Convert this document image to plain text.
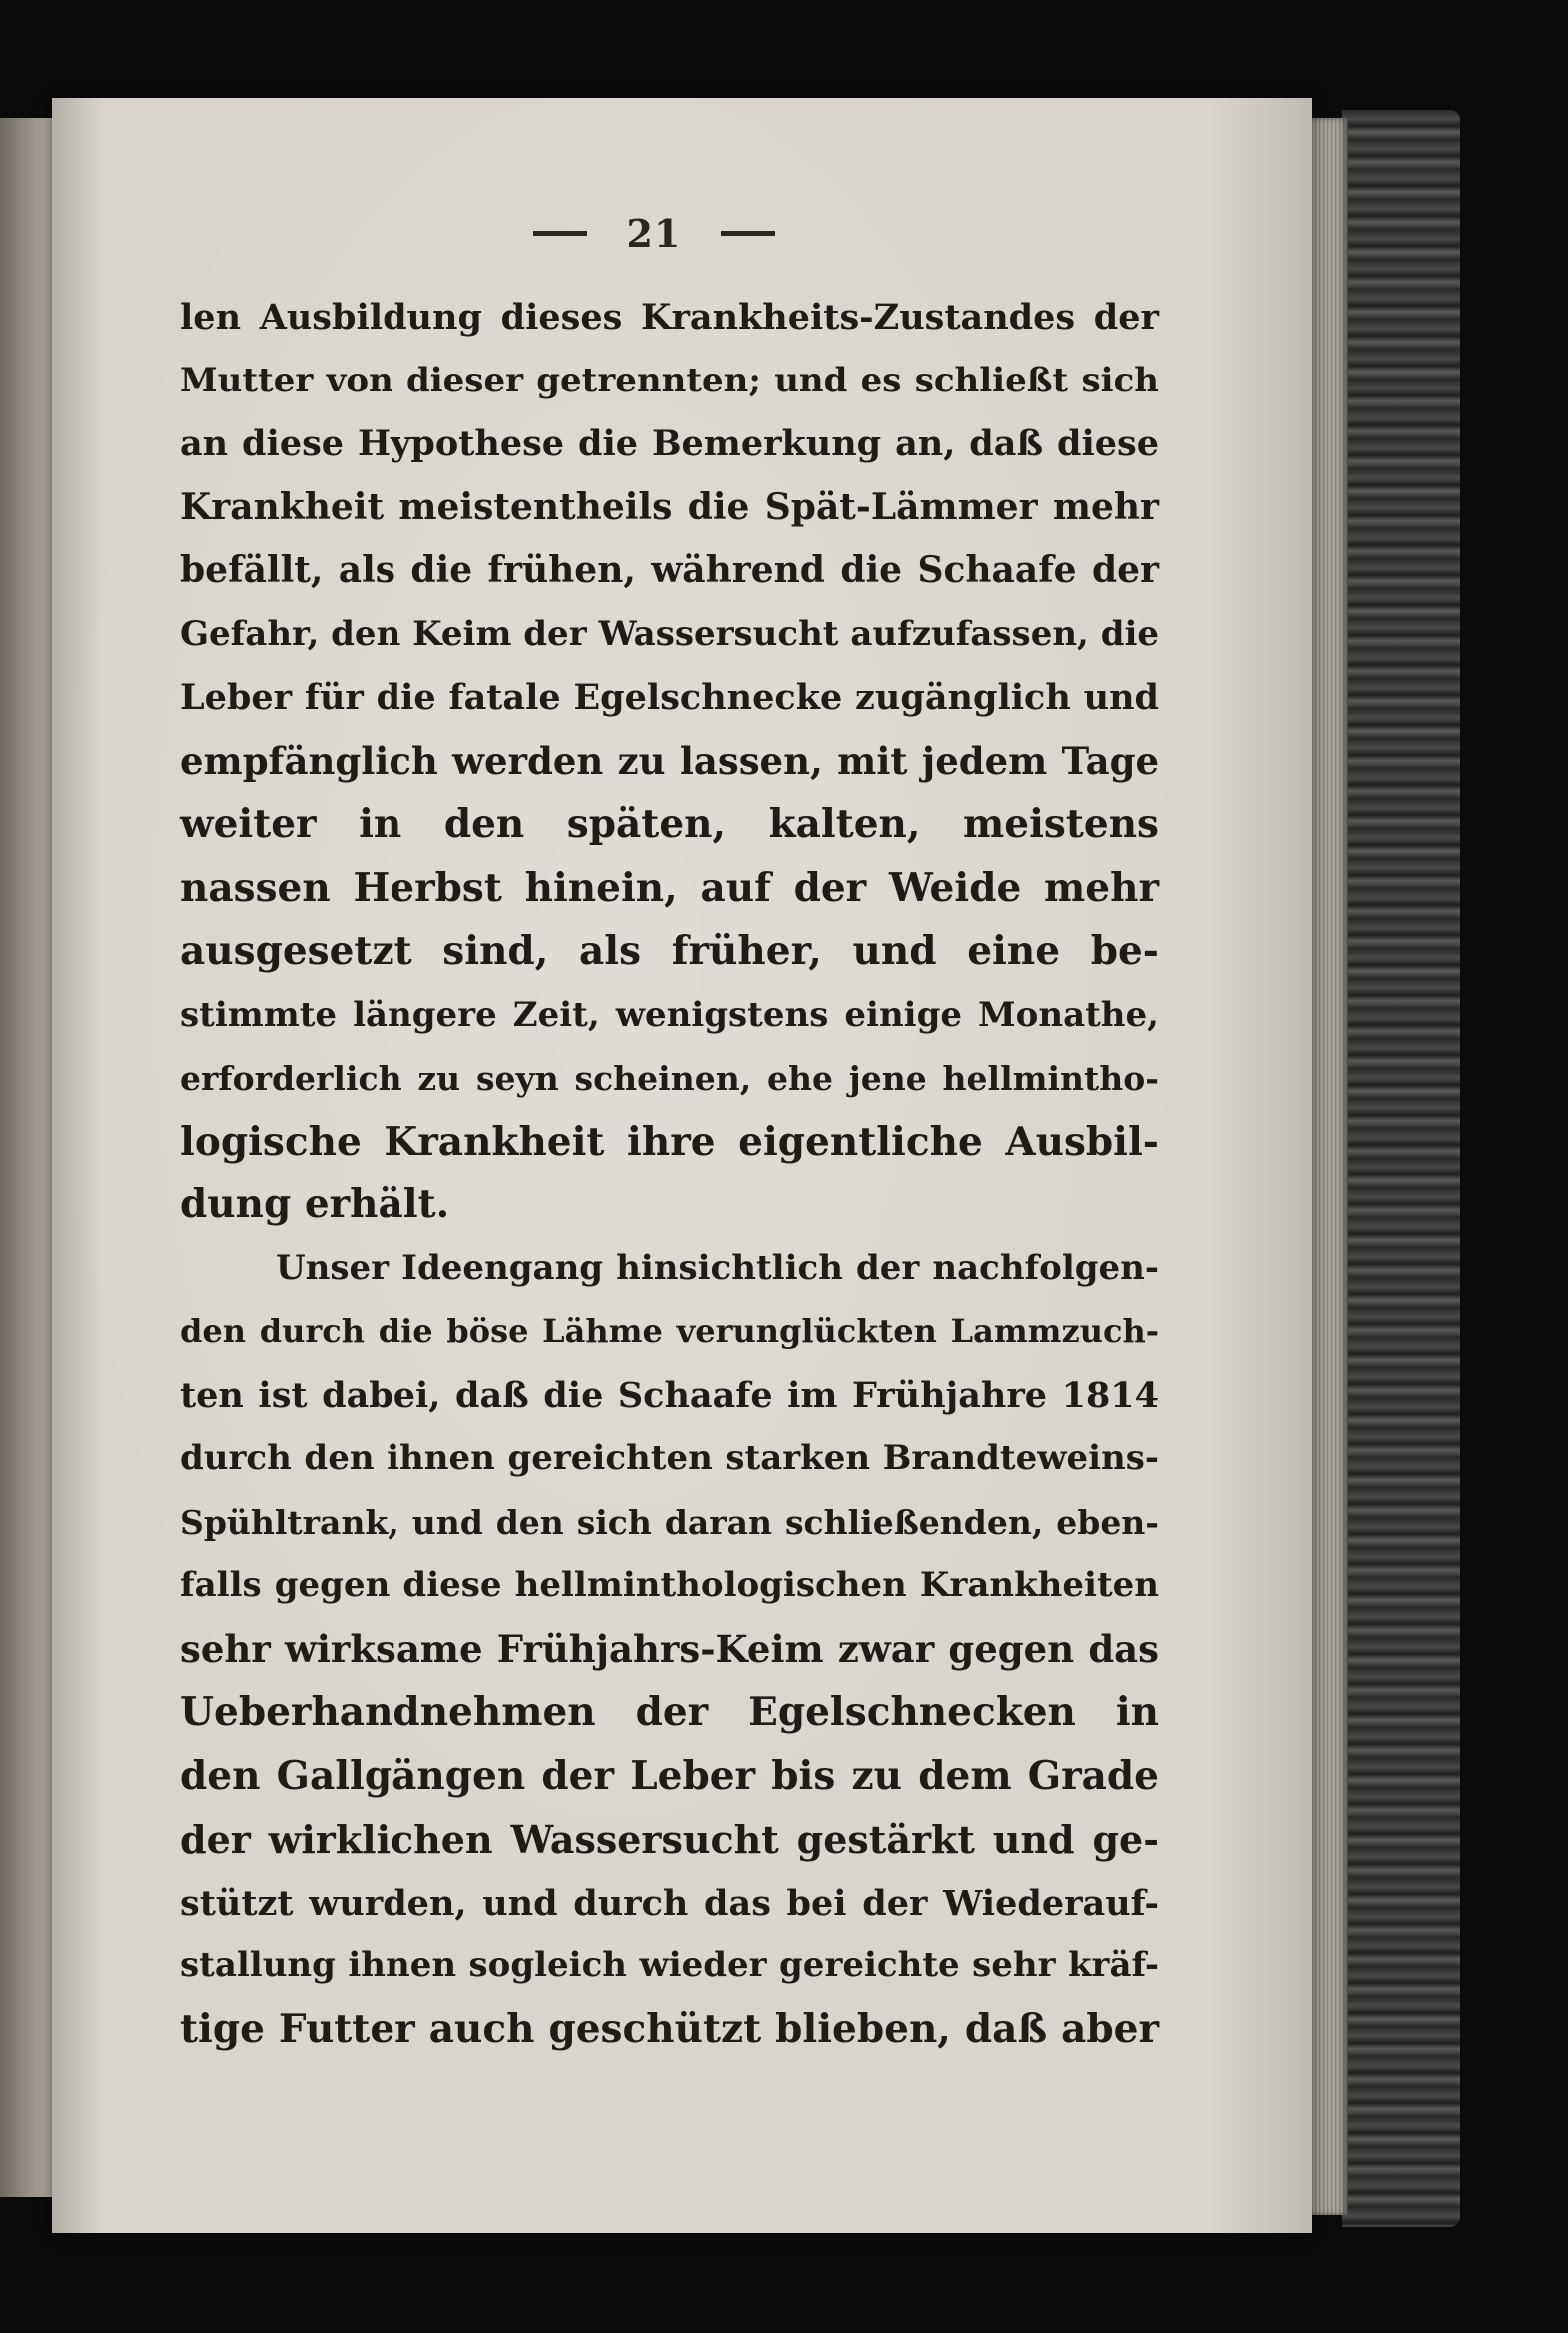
21
len Ausbildung dieses Krankheits-Zustandes der
Mutter von dieser getrennten; und es schließt sich
an diese Hypothese die Bemerkung an, daß diese
Krankheit meistentheils die Spät-Lämmer mehr
befällt, als die frühen, während die Schaafe der
Gefahr, den Keim der Wassersucht aufzufassen, die
Leber für die fatale Egelschnecke zugänglich und
empfänglich werden zu lassen, mit jedem Tage
weiter in den späten, kalten, meistens
nassen Herbst hinein, auf der Weide mehr
ausgesetzt sind, als früher, und eine be-
stimmte längere Zeit, wenigstens einige Monathe,
erforderlich zu seyn scheinen, ehe jene hellmintho-
logische Krankheit ihre eigentliche Ausbil-
dung erhält.
Unser Ideengang hinsichtlich der nachfolgen-
den durch die böse Lähme verunglückten Lammzuch-
ten ist dabei, daß die Schaafe im Frühjahre 1814
durch den ihnen gereichten starken Brandteweins-
Spühltrank, und den sich daran schließenden, eben-
falls gegen diese hellminthologischen Krankheiten
sehr wirksame Frühjahrs-Keim zwar gegen das
Ueberhandnehmen der Egelschnecken in
den Gallgängen der Leber bis zu dem Grade
der wirklichen Wassersucht gestärkt und ge-
stützt wurden, und durch das bei der Wiederauf-
stallung ihnen sogleich wieder gereichte sehr kräf-
tige Futter auch geschützt blieben, daß aber
